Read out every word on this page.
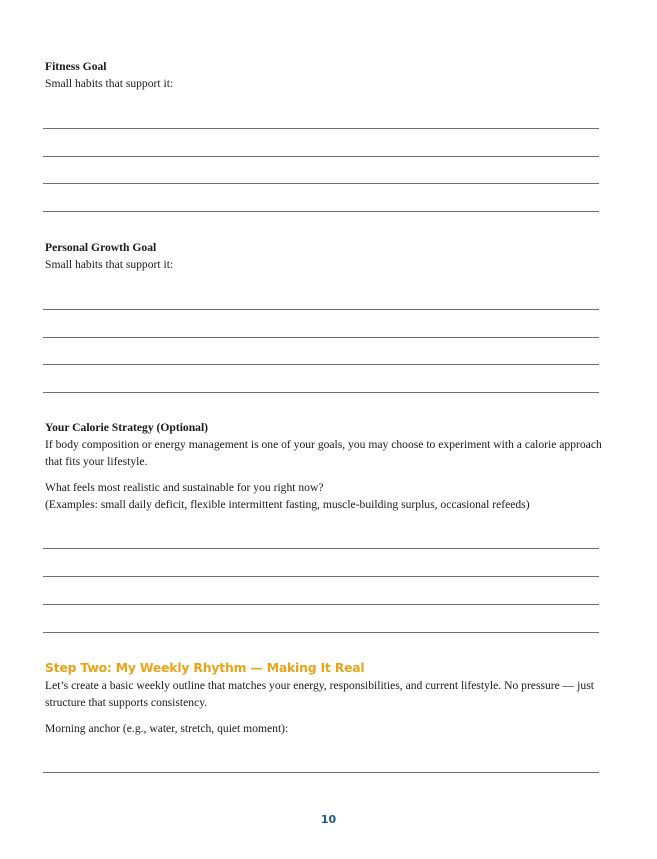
Fitness Goal
Small habits that support it:
Personal Growth Goal
Small habits that support it:
Your Calorie Strategy (Optional)
If body composition or energy management is one of your goals, you may choose to experiment with a calorie approach that fits your lifestyle.
What feels most realistic and sustainable for you right now?
(Examples: small daily deficit, flexible intermittent fasting, muscle-building surplus, occasional refeeds)
Step Two: My Weekly Rhythm — Making It Real
Let’s create a basic weekly outline that matches your energy, responsibilities, and current lifestyle. No pressure — just structure that supports consistency.
Morning anchor (e.g., water, stretch, quiet moment):
10
